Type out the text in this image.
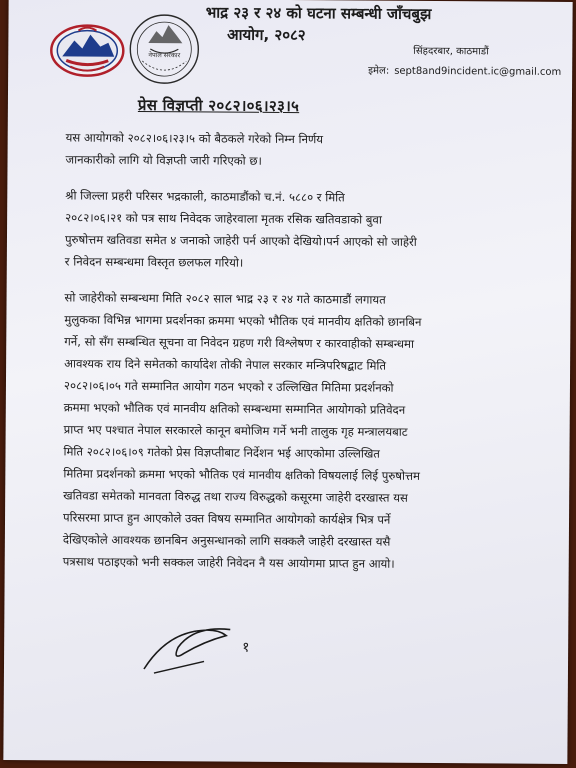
नेपाल सरकार
भाद्र २३ र २४ को घटना सम्बन्धी जाँचबुझ
आयोग, २०८२
सिंहदरबार, काठमाडौं
इमेल: sept8and9incident.ic@gmail.com
प्रेस विज्ञप्ती २०८२।०६।२३।५

यस आयोगको २०८२।०६।२३।५ को बैठकले गरेको निम्न निर्णय
जानकारीको लागि यो विज्ञप्ती जारी गरिएको छ।

श्री जिल्ला प्रहरी परिसर भद्रकाली, काठमाडौंको च.नं. ५८८० र मिति
२०८२।०६।२१ को पत्र साथ निवेदक जाहेरवाला मृतक रसिक खतिवडाको बुवा
पुरुषोत्तम खतिवडा समेत ४ जनाको जाहेरी पर्न आएको देखियो।पर्न आएको सो जाहेरी
र निवेदन सम्बन्धमा विस्तृत छलफल गरियो।

सो जाहेरीको सम्बन्धमा मिति २०८२ साल भाद्र २३ र २४ गते काठमाडौं लगायत
मुलुकका विभिन्न भागमा प्रदर्शनका क्रममा भएको भौतिक एवं मानवीय क्षतिको छानबिन
गर्ने, सो सँग सम्बन्धित सूचना वा निवेदन ग्रहण गरी विश्लेषण र कारवाहीको सम्बन्धमा
आवश्यक राय दिने समेतको कार्यादेश तोकी नेपाल सरकार मन्त्रिपरिषद्बाट मिति
२०८२।०६।०५ गते सम्मानित आयोग गठन भएको र उल्लिखित मितिमा प्रदर्शनको
क्रममा भएको भौतिक एवं मानवीय क्षतिको सम्बन्धमा सम्मानित आयोगको प्रतिवेदन
प्राप्त भए पश्चात नेपाल सरकारले कानून बमोजिम गर्ने भनी तालुक गृह मन्त्रालयबाट
मिति २०८२।०६।०९ गतेको प्रेस विज्ञप्तीबाट निर्देशन भई आएकोमा उल्लिखित
मितिमा प्रदर्शनको क्रममा भएको भौतिक एवं मानवीय क्षतिको विषयलाई लिई पुरुषोत्तम
खतिवडा समेतको मानवता विरुद्ध तथा राज्य विरुद्धको कसूरमा जाहेरी दरखास्त यस
परिसरमा प्राप्त हुन आएकोले उक्त विषय सम्मानित आयोगको कार्यक्षेत्र भित्र पर्ने
देखिएकोले आवश्यक छानबिन अनुसन्धानको लागि सक्कलै जाहेरी दरखास्त यसै
पत्रसाथ पठाइएको भनी सक्कल जाहेरी निवेदन नै यस आयोगमा प्राप्त हुन आयो।

१
